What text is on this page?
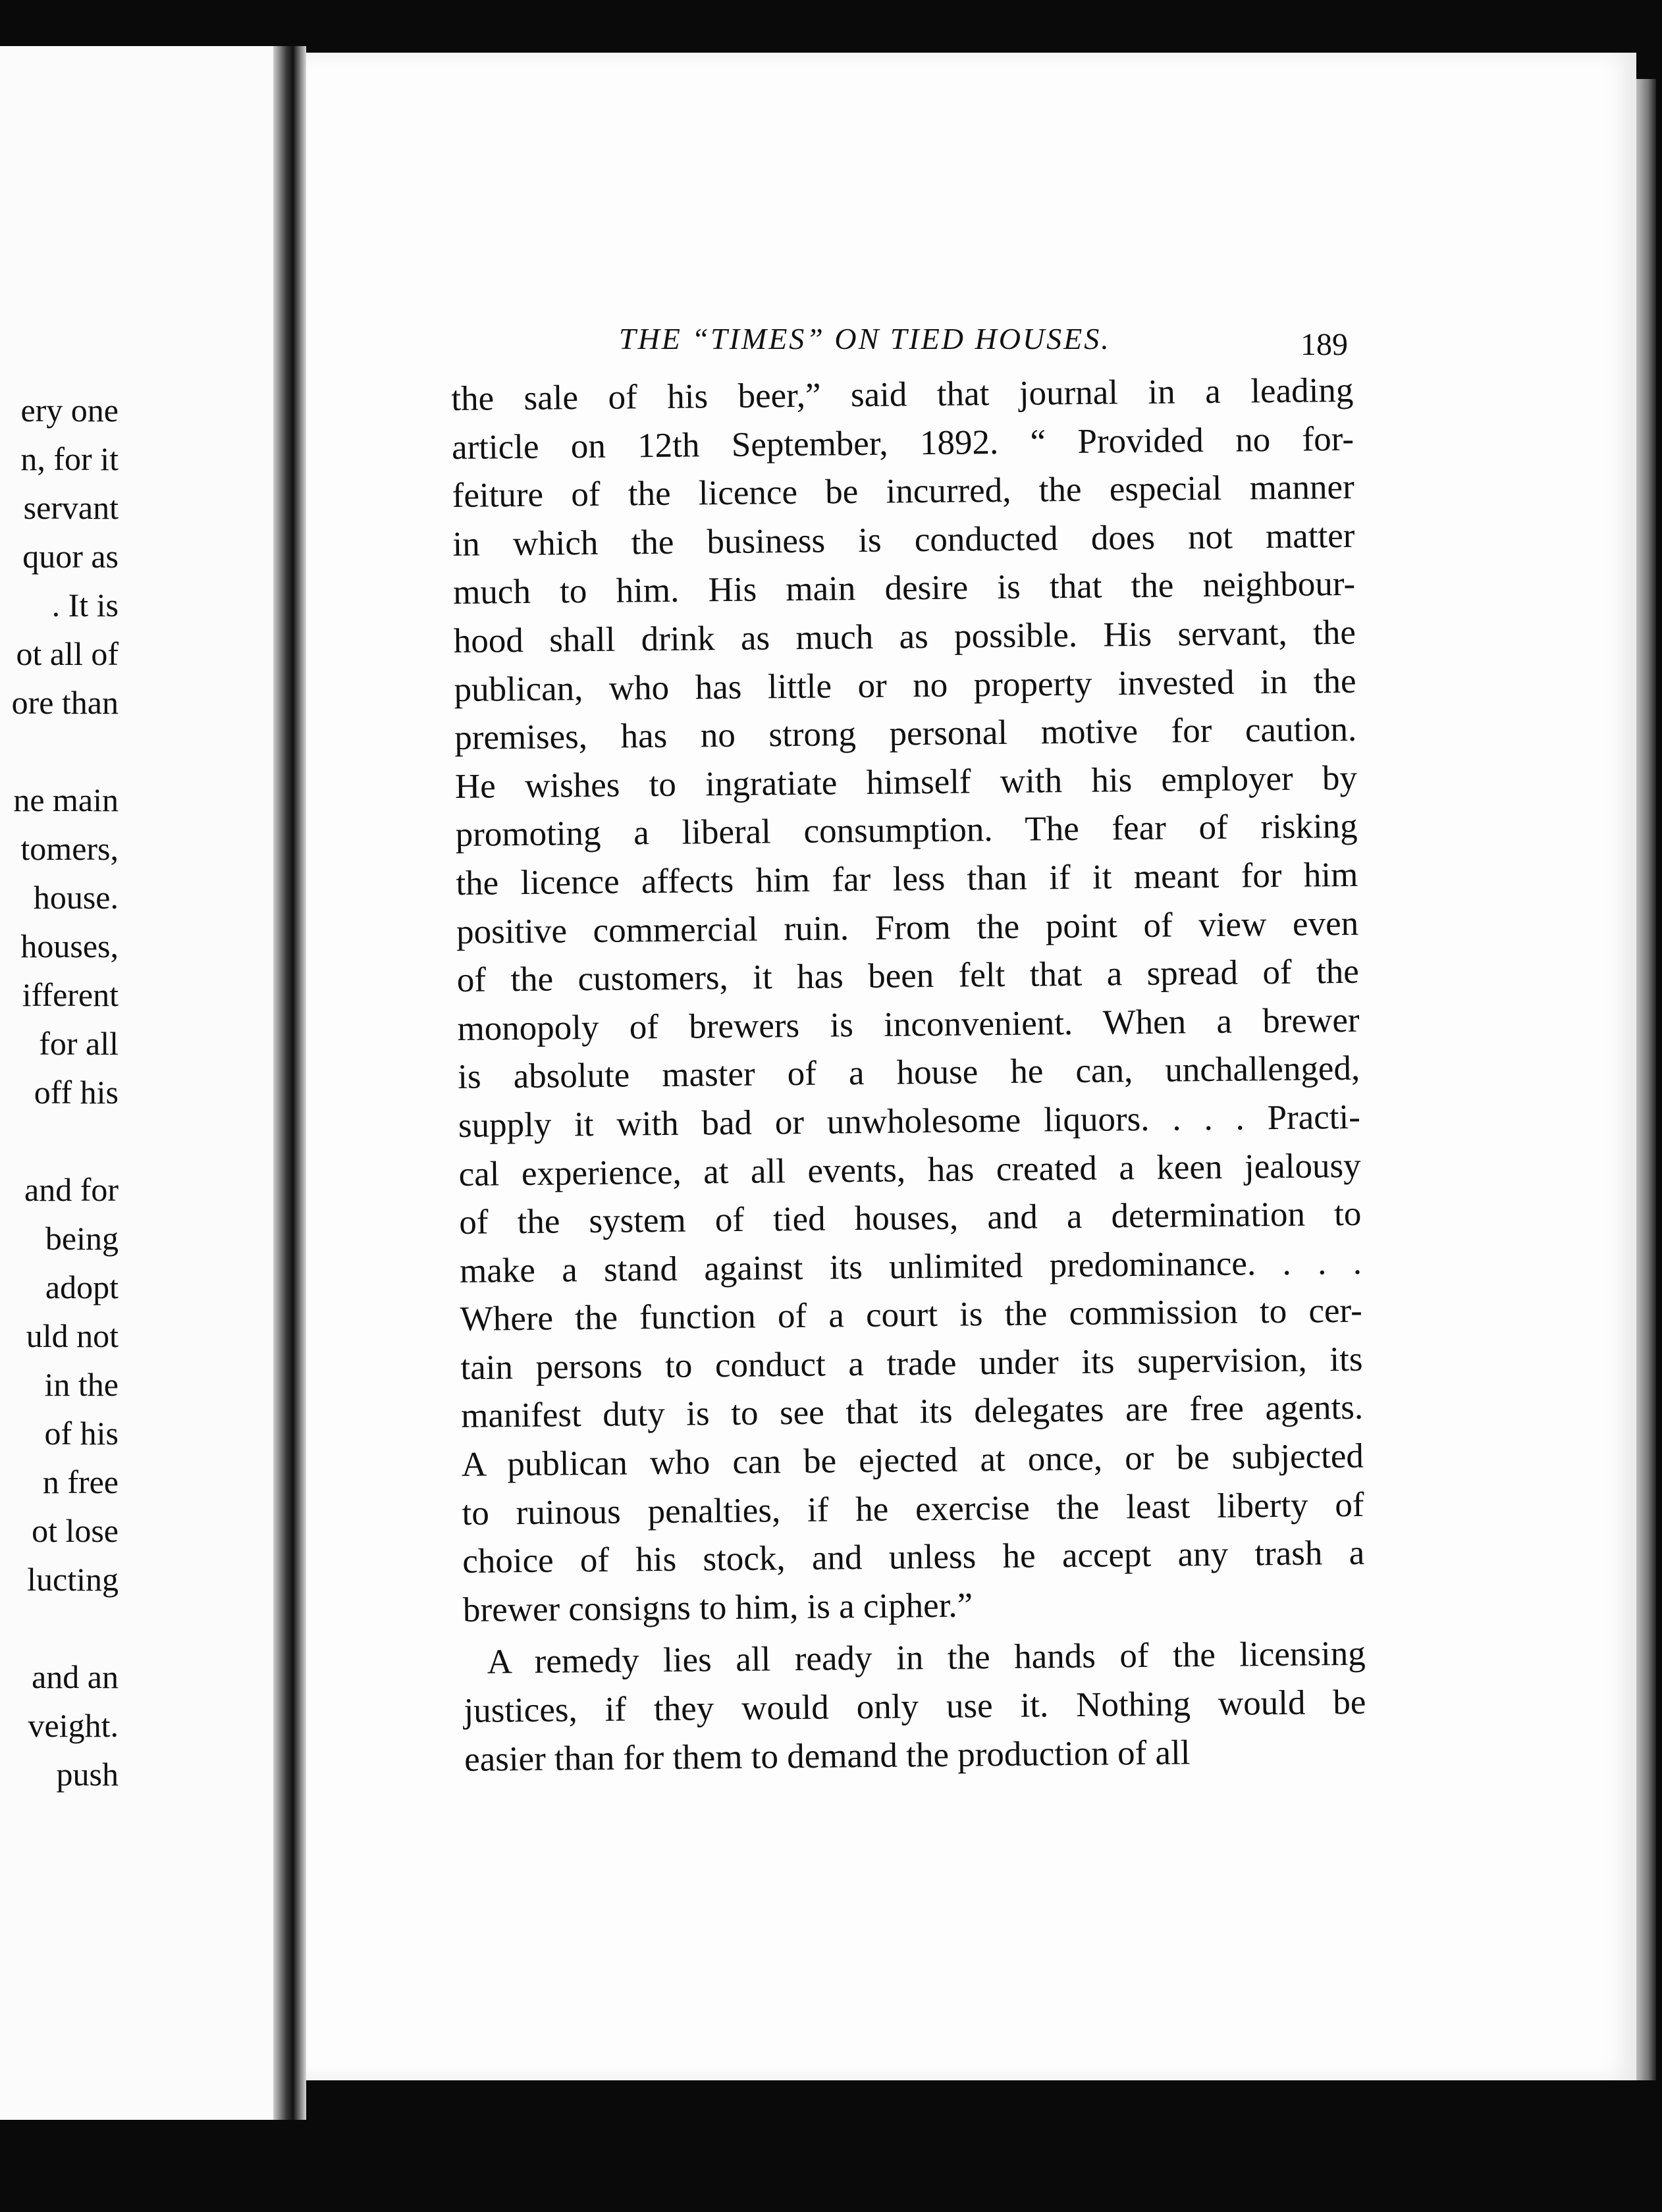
ery one
n, for it
servant
quor as
. It is
ot all of
ore than
ne main
tomers,
house.
houses,
ifferent
for all
off his
and for
being
adopt
uld not
in the
of his
n free
ot lose
lucting
and an
veight.
push
THE “TIMES” ON TIED HOUSES.	189
the sale of his beer,” said that journal in a leading
article on 12th September, 1892. “ Provided no for-
feiture of the licence be incurred, the especial manner
in which the business is conducted does not matter
much to him. His main desire is that the neighbour-
hood shall drink as much as possible. His servant, the
publican, who has little or no property invested in the
premises, has no strong personal motive for caution.
He wishes to ingratiate himself with his employer by
promoting a liberal consumption. The fear of risking
the licence affects him far less than if it meant for him
positive commercial ruin. From the point of view even
of the customers, it has been felt that a spread of the
monopoly of brewers is inconvenient. When a brewer
is absolute master of a house he can, unchallenged,
supply it with bad or unwholesome liquors. . . . Practi-
cal experience, at all events, has created a keen jealousy
of the system of tied houses, and a determination to
make a stand against its unlimited predominance. . . .
Where the function of a court is the commission to cer-
tain persons to conduct a trade under its supervision, its
manifest duty is to see that its delegates are free agents.
A publican who can be ejected at once, or be subjected
to ruinous penalties, if he exercise the least liberty of
choice of his stock, and unless he accept any trash a
brewer consigns to him, is a cipher.”
A remedy lies all ready in the hands of the licensing
justices, if they would only use it. Nothing would be
easier than for them to demand the production of all
